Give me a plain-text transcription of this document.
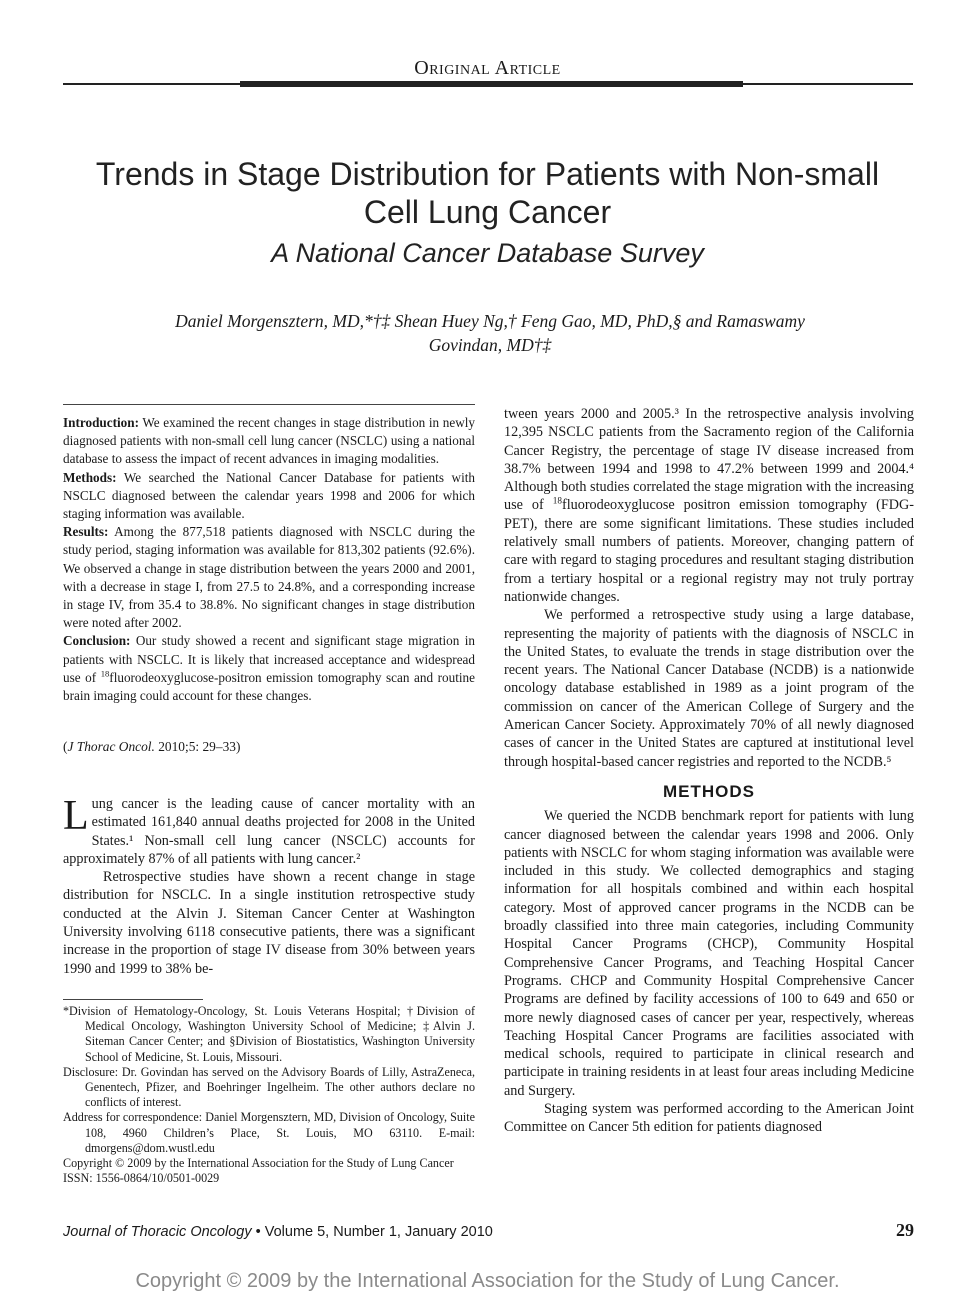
Original Article
Trends in Stage Distribution for Patients with Non-small Cell Lung Cancer
A National Cancer Database Survey
Daniel Morgensztern, MD,*†‡ Shean Huey Ng,† Feng Gao, MD, PhD,§ and Ramaswamy Govindan, MD†‡

Introduction: We examined the recent changes in stage distribution in newly diagnosed patients with non-small cell lung cancer (NSCLC) using a national database to assess the impact of recent advances in imaging modalities.

Methods: We searched the National Cancer Database for patients with NSCLC diagnosed between the calendar years 1998 and 2006 for which staging information was available.

Results: Among the 877,518 patients diagnosed with NSCLC during the study period, staging information was available for 813,302 patients (92.6%). We observed a change in stage distribution between the years 2000 and 2001, with a decrease in stage I, from 27.5 to 24.8%, and a corresponding increase in stage IV, from 35.4 to 38.8%. No significant changes in stage distribution were noted after 2002.

Conclusion: Our study showed a recent and significant stage migration in patients with NSCLC. It is likely that increased acceptance and widespread use of $^{18}$fluorodeoxyglucose-positron emission tomography scan and routine brain imaging could account for these changes.

(J Thorac Oncol. 2010;5: 29–33)

Lung cancer is the leading cause of cancer mortality with an estimated 161,840 annual deaths projected for 2008 in the United States.¹ Non-small cell lung cancer (NSCLC) accounts for approximately 87% of all patients with lung cancer.²

Retrospective studies have shown a recent change in stage distribution for NSCLC. In a single institution retrospective study conducted at the Alvin J. Siteman Cancer Center at Washington University involving 6118 consecutive patients, there was a significant increase in the proportion of stage IV disease from 30% between years 1990 and 1999 to 38% be-

*Division of Hematology-Oncology, St. Louis Veterans Hospital; †Division of Medical Oncology, Washington University School of Medicine; ‡Alvin J. Siteman Cancer Center; and §Division of Biostatistics, Washington University School of Medicine, St. Louis, Missouri.

Disclosure: Dr. Govindan has served on the Advisory Boards of Lilly, AstraZeneca, Genentech, Pfizer, and Boehringer Ingelheim. The other authors declare no conflicts of interest.

Address for correspondence: Daniel Morgensztern, MD, Division of Oncology, Suite 108, 4960 Children’s Place, St. Louis, MO 63110. E-mail: dmorgens@dom.wustl.edu

Copyright © 2009 by the International Association for the Study of Lung Cancer

ISSN: 1556-0864/10/0501-0029

tween years 2000 and 2005.³ In the retrospective analysis involving 12,395 NSCLC patients from the Sacramento region of the California Cancer Registry, the percentage of stage IV disease increased from 38.7% between 1994 and 1998 to 47.2% between 1999 and 2004.⁴ Although both studies correlated the stage migration with the increasing use of $^{18}$fluorodeoxyglucose positron emission tomography (FDG-PET), there are some significant limitations. These studies included relatively small numbers of patients. Moreover, changing pattern of care with regard to staging procedures and resultant staging distribution from a tertiary hospital or a regional registry may not truly portray nationwide changes.

We performed a retrospective study using a large database, representing the majority of patients with the diagnosis of NSCLC in the United States, to evaluate the trends in stage distribution over the recent years. The National Cancer Database (NCDB) is a nationwide oncology database established in 1989 as a joint program of the commission on cancer of the American College of Surgery and the American Cancer Society. Approximately 70% of all newly diagnosed cases of cancer in the United States are captured at institutional level through hospital-based cancer registries and reported to the NCDB.⁵

METHODS

We queried the NCDB benchmark report for patients with lung cancer diagnosed between the calendar years 1998 and 2006. Only patients with NSCLC for whom staging information was available were included in this study. We collected demographics and staging information for all hospitals combined and within each hospital category. Most of approved cancer programs in the NCDB can be broadly classified into three main categories, including Community Hospital Cancer Programs (CHCP), Community Hospital Comprehensive Cancer Programs, and Teaching Hospital Cancer Programs. CHCP and Community Hospital Comprehensive Cancer Programs are defined by facility accessions of 100 to 649 and 650 or more newly diagnosed cases of cancer per year, respectively, whereas Teaching Hospital Cancer Programs are facilities associated with medical schools, required to participate in clinical research and participate in training residents in at least four areas including Medicine and Surgery.

Staging system was performed according to the American Joint Committee on Cancer 5th edition for patients diagnosed

Journal of Thoracic Oncology • Volume 5, Number 1, January 2010	29
Copyright © 2009 by the International Association for the Study of Lung Cancer.
